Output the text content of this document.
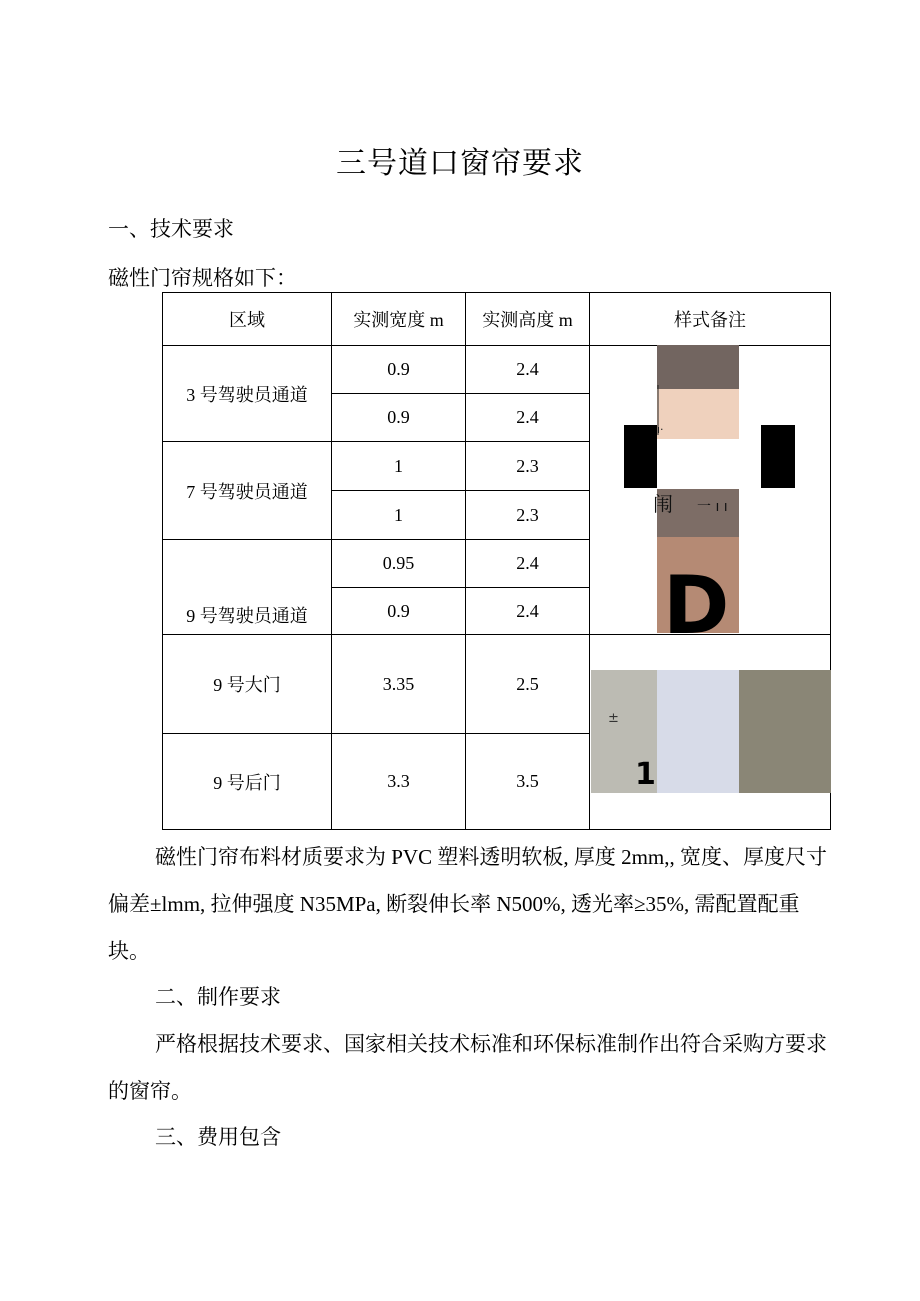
三号道口窗帘要求
一、技术要求
磁性门帘规格如下：
区域	实测宽度 m	实测高度 m	样式备注
3 号驾驶员通道	0.9	2.4	
	0.9	2.4	
7 号驾驶员通道	1	2.3	
	1	2.3	
9 号驾驶员通道	0.95	2.4	
	0.9	2.4	
9 号大门	3.35	2.5	
9 号后门	3.3	3.5	
ı·
闱 一 ı ı
D
±
1
磁性门帘布料材质要求为 PVC 塑料透明软板, 厚度 2mm,, 宽度、厚度尺寸偏差±lmm, 拉伸强度 N35MPa, 断裂伸长率 N500%, 透光率≥35%, 需配置配重块。
二、制作要求
严格根据技术要求、国家相关技术标准和环保标准制作出符合采购方要求的窗帘。
三、费用包含
